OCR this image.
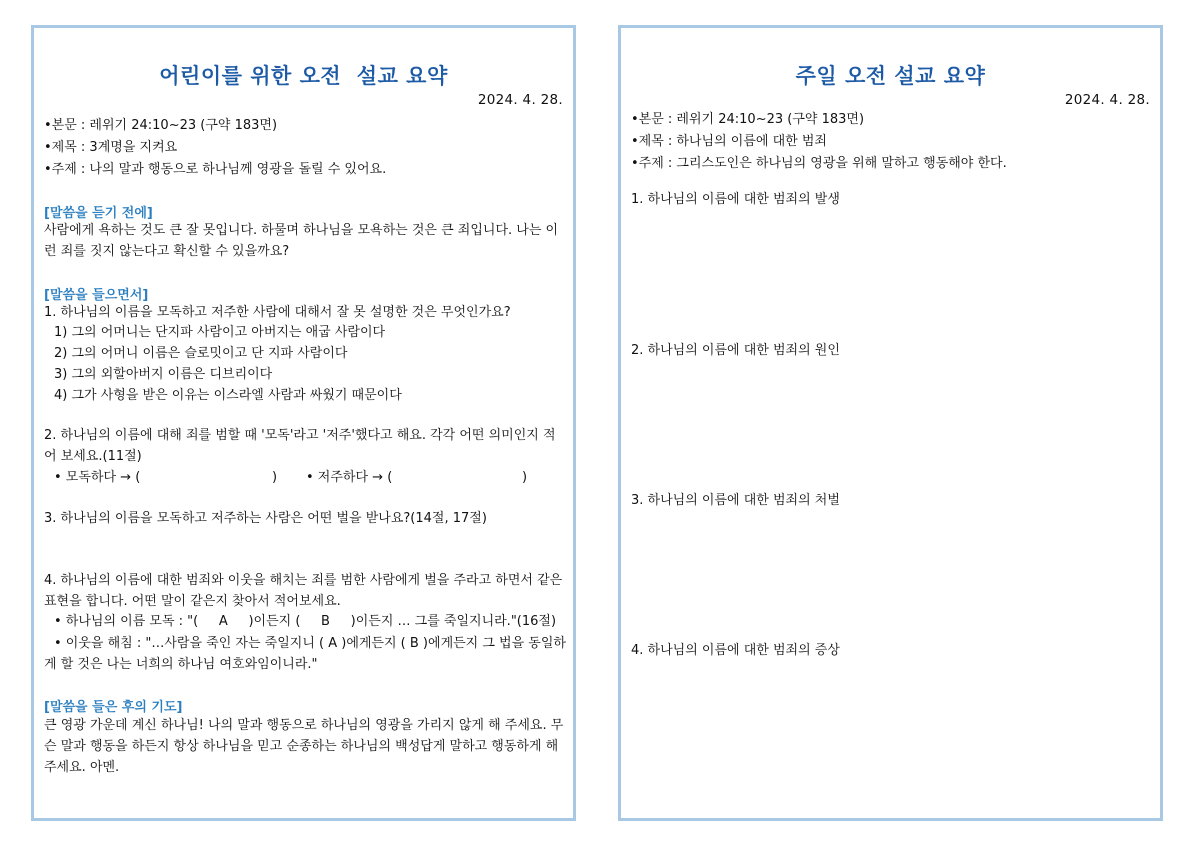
어린이를 위한 오전  설교 요약
2024. 4. 28.
•본문 : 레위기 24:10~23 (구약 183면)
•제목 : 3계명을 지켜요
•주제 : 나의 말과 행동으로 하나님께 영광을 돌릴 수 있어요.
[말씀을 듣기 전에]
사람에게 욕하는 것도 큰 잘 못입니다. 하물며 하나님을 모욕하는 것은 큰 죄입니다. 나는 이런 죄를 짓지 않는다고 확신할 수 있을까요?
[말씀을 들으면서]
1. 하나님의 이름을 모독하고 저주한 사람에 대해서 잘 못 설명한 것은 무엇인가요?
1) 그의 어머니는 단지파 사람이고 아버지는 애굽 사람이다
2) 그의 어머니 이름은 슬로밋이고 단 지파 사람이다
3) 그의 외할아버지 이름은 디브리이다
4) 그가 사형을 받은 이유는 이스라엘 사람과 싸웠기 때문이다
2. 하나님의 이름에 대해 죄를 범할 때 '모독'라고 '저주'했다고 해요. 각각 어떤 의미인지 적어 보세요.(11절)
• 모독하다 → (	) • 저주하다 → (	)
3. 하나님의 이름을 모독하고 저주하는 사람은 어떤 벌을 받나요?(14절, 17절)
4. 하나님의 이름에 대한 범죄와 이웃을 해치는 죄를 범한 사람에게 벌을 주라고 하면서 같은 표현을 합니다. 어떤 말이 같은지 찾아서 적어보세요.
• 하나님의 이름 모독 : "(     A     )이든지 (     B     )이든지 … 그를 죽일지니라."(16절)
• 이웃을 해침 : "…사람을 죽인 자는 죽일지니 ( A )에게든지 ( B )에게든지 그 법을 동일하게 할 것은 나는 너희의 하나님 여호와임이니라."
[말씀을 들은 후의 기도]
큰 영광 가운데 계신 하나님! 나의 말과 행동으로 하나님의 영광을 가리지 않게 해 주세요. 무슨 말과 행동을 하든지 항상 하나님을 믿고 순종하는 하나님의 백성답게 말하고 행동하게 해 주세요. 아멘.
주일 오전 설교 요약
2024. 4. 28.
•본문 : 레위기 24:10~23 (구약 183면)
•제목 : 하나님의 이름에 대한 범죄
•주제 : 그리스도인은 하나님의 영광을 위해 말하고 행동해야 한다.
1. 하나님의 이름에 대한 범죄의 발생
2. 하나님의 이름에 대한 범죄의 원인
3. 하나님의 이름에 대한 범죄의 처벌
4. 하나님의 이름에 대한 범죄의 증상
